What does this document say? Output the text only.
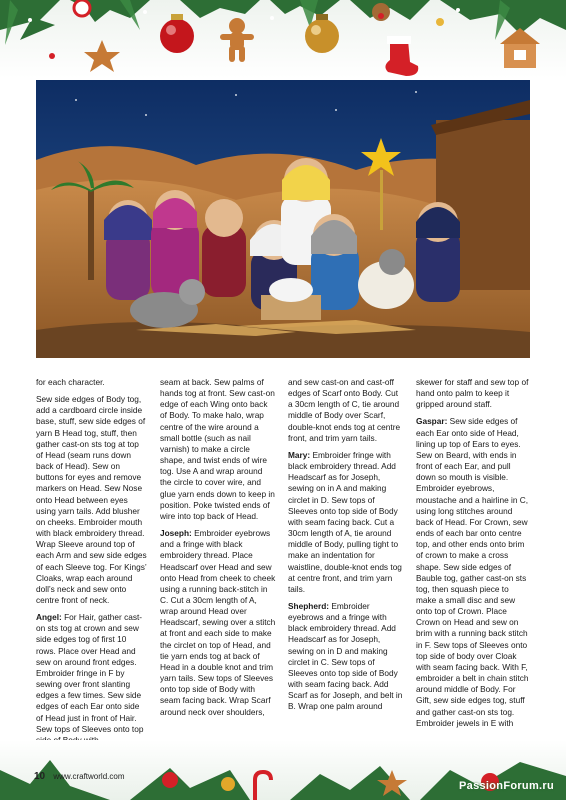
for each character.

Sew side edges of Body tog, add a cardboard circle inside base, stuff, sew side edges of yarn B Head tog, stuff, then gather cast-on sts tog at top of Head (seam runs down back of Head). Sew on buttons for eyes and remove markers on Head. Sew Nose onto Head between eyes using yarn tails. Add blusher on cheeks. Embroider mouth with black embroidery thread. Wrap Sleeve around top of each Arm and sew side edges of each Sleeve tog. For Kings’ Cloaks, wrap each around doll’s neck and sew onto centre front of neck.

Angel: For Hair, gather cast-on sts tog at crown and sew side edges tog of first 10 rows. Place over Head and sew on around front edges. Embroider fringe in F by sewing over front slanting edges a few times. Sew side edges of each Ear onto side of Head just in front of Hair. Sew tops of Sleeves onto top

seam at back. Sew palms of hands tog at front. Sew cast-on edge of each Wing onto back of Body. To make halo, wrap centre of the wire around a small bottle (such as nail varnish) to make a circle shape, and twist ends of wire tog. Use A and wrap around the circle to cover wire, and glue yarn ends down to keep in position. Poke twisted ends of wire into top back of Head.

Joseph: Embroider eyebrows and a fringe with black embroidery thread. Place Headscarf over Head and sew onto Head from cheek to cheek using a running back-stitch in C. Cut a 30cm length of A, wrap around Head over Headscarf, sewing over a stitch at front and each side to make the circlet on top of Head, and tie yarn ends tog at back of Head in a double knot and trim yarn tails. Sew tops of Sleeves onto top side of Body with seam facing back. Wrap Scarf around neck over shoulders,

and sew cast-on and cast-off edges of Scarf onto Body. Cut a 30cm length of C, tie around middle of Body over Scarf, double-knot ends tog at centre front, and trim yarn tails.

Mary: Embroider fringe with black embroidery thread. Add Headscarf as for Joseph, sewing on in A and making circlet in D. Sew tops of Sleeves onto top side of Body with seam facing back. Cut a 30cm length of A, tie around middle of Body, pulling tight to make an indentation for waistline, double-knot ends tog at centre front, and trim yarn tails.

Shepherd: Embroider eyebrows and a fringe with black embroidery thread. Add Headscarf as for Joseph, sewing on in D and making circlet in C. Sew tops of Sleeves onto top side of Body with seam facing back. Add Scarf as for Joseph, and belt in B. Wrap one palm around

skewer for staff and sew top of hand onto palm to keep it gripped around staff.

Gaspar: Sew side edges of each Ear onto side of Head, lining up top of Ears to eyes. Sew on Beard, with ends in front of each Ear, and pull down so mouth is visible. Embroider eyebrows, moustache and a hairline in C, using long stitches around back of Head. For Crown, sew ends of each bar onto centre top, and other ends onto brim of crown to make a cross shape. Sew side edges of Bauble tog, gather cast-on sts tog, then squash piece to make a small disc and sew onto top of Crown. Place Crown on Head and sew on brim with a running back stitch in F. Sew tops of Sleeves onto top side of body over Cloak with seam facing back. With F, embroider a belt in chain stitch around middle of Body. For Gift, sew side edges tog, stuff and gather cast-on sts tog. Embroider jewels in E with

10 www.craftworld.com
PassionForum.ru
